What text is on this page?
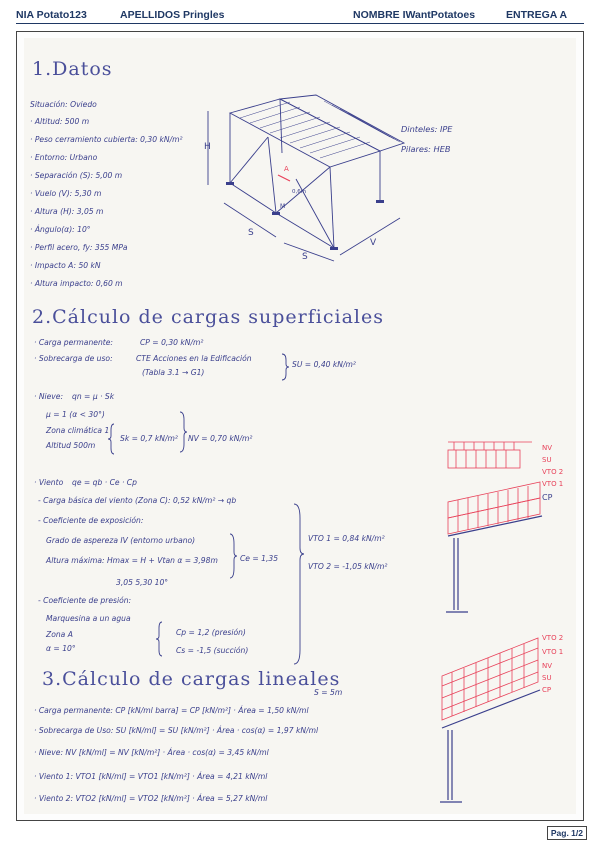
NIA Potato123	APELLIDOS Pringles	NOMBRE IWantPotatoes	ENTREGA A
1.Datos
Situación: Oviedo
· Altitud: 500 m
· Peso cerramiento cubierta: 0,30 kN/m²
· Entorno: Urbano
· Separación (S): 5,00 m
· Vuelo (V): 5,30 m
· Altura (H): 3,05 m
· Ángulo(α): 10°
· Perfil acero, fy: 355 MPa
· Impacto A: 50 kN
· Altura impacto: 0,60 m
Dinteles: IPE
Pilares: HEB
H
S
S
V
A
0,6m
M
2.Cálculo de cargas superficiales
· Carga permanente:	CP = 0,30 kN/m²
· Sobrecarga de uso:	CTE Acciones en la Edificación
(Tabla 3.1 → G1)
SU = 0,40 kN/m²
· Nieve: qn = μ · Sk
μ = 1 (α < 30°)
Zona climática 1
Altitud 500m
Sk = 0,7 kN/m² NV = 0,70 kN/m²
· Viento qe = qb · Ce · Cp
- Carga básica del viento (Zona C): 0,52 kN/m² → qb
- Coeficiente de exposición:
Grado de aspereza IV (entorno urbano)
Altura máxima: Hmax = H + Vtan α = 3,98m
3,05 5,30 10°
Ce = 1,35
VTO 1 = 0,84 kN/m²
VTO 2 = -1,05 kN/m²
- Coeficiente de presión:
Marquesina a un agua
Zona A
α = 10°
Cp = 1,2 (presión)
Cs = -1,5 (succión)
3.Cálculo de cargas lineales
S = 5m
· Carga permanente: CP [kN/ml barra] = CP [kN/m²] · Área = 1,50 kN/ml
· Sobrecarga de Uso: SU [kN/ml] = SU [kN/m²] · Área · cos(α) = 1,97 kN/ml
· Nieve: NV [kN/ml] = NV [kN/m²] · Área · cos(α) = 3,45 kN/ml
· Viento 1: VTO1 [kN/ml] = VTO1 [kN/m²] · Área = 4,21 kN/ml
· Viento 2: VTO2 [kN/ml] = VTO2 [kN/m²] · Área = 5,27 kN/ml
NV
SU
VTO 2
VTO 1
CP
VTO 2
VTO 1
NV
SU
CP
Pag. 1/2
